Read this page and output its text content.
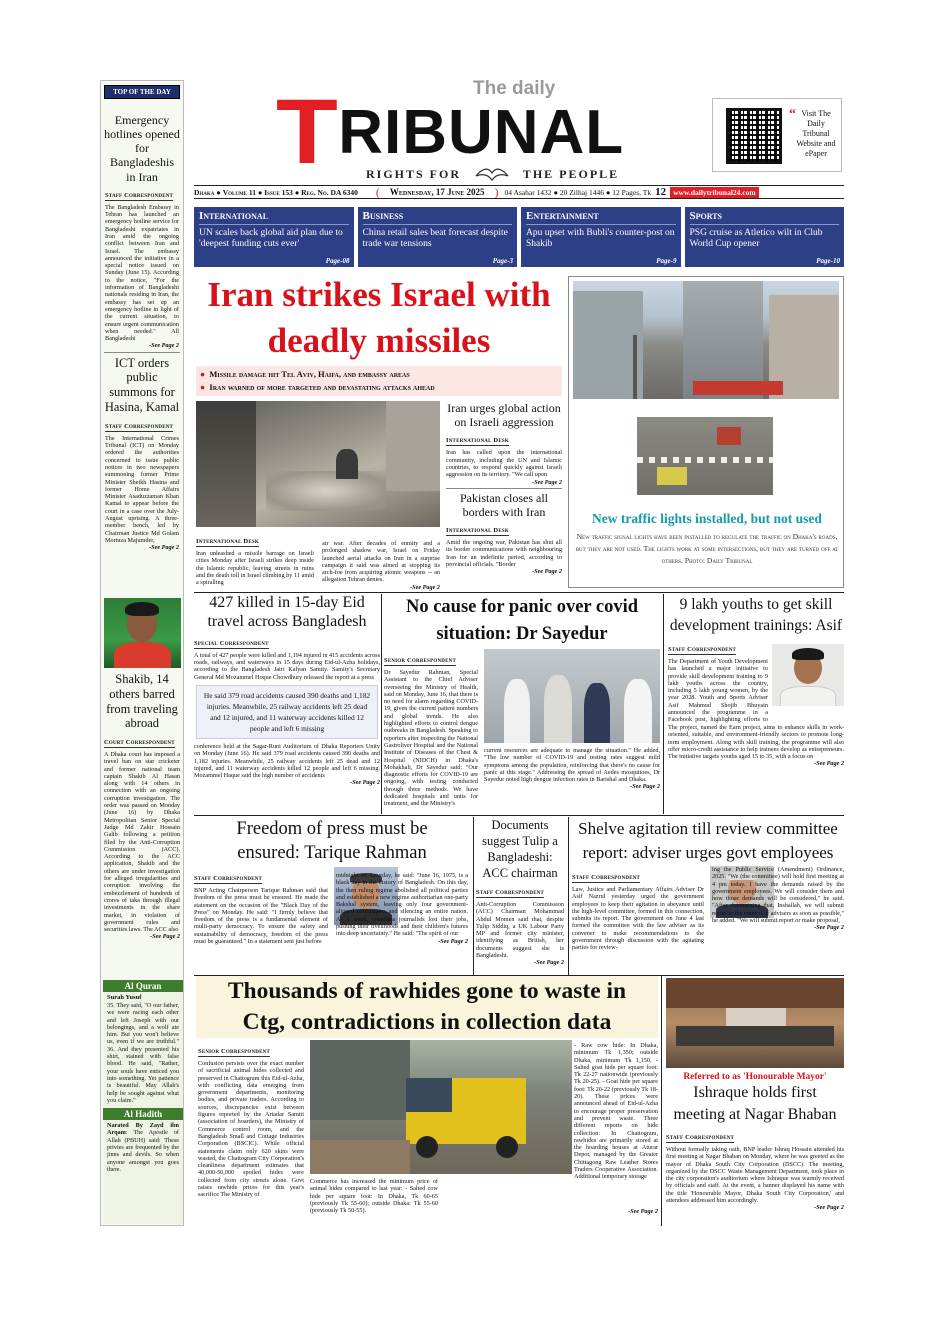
TOP OF THE DAY
Emergency hotlines opened for Bangladeshis in Iran
Staff Correspondent
The Bangladesh Embassy in Tehran has launched an emergency hotline service for Bangladeshi expatriates in Iran amid the ongoing conflict between Iran and Israel. The embassy announced the initiative in a special notice issued on Sunday (June 15). According to the notice, "For the information of Bangladeshi nationals residing in Iran, the embassy has set up an emergency hotline in light of the current situation, to ensure urgent communication when needed." All Bangladeshi
-See Page 2
ICT orders public summons for Hasina, Kamal
Staff Correspondent
The International Crimes Tribunal (ICT) on Monday ordered the authorities concerned to issue public notices in two newspapers summoning former Prime Minister Sheikh Hasina and former Home Affairs Minister Asaduzzaman Khan Kamal to appear before the court in a case over the July-August uprising. A three-member bench, led by Chairman Justice Md Golam Mortuza Majumder,
-See Page 2
Shakib, 14 others barred from traveling abroad
Court Correspondent
A Dhaka court has imposed a travel ban on star cricketer and former national team captain Shakib Al Hasan along with 14 others in connection with an ongoing corruption investigation. The order was passed on Monday (June 16) by Dhaka Metropolitan Senior Special Judge Md Zakir Hossain Galib following a petition filed by the Anti-Corruption Commission (ACC). According to the ACC application, Shakib and the others are under investigation for alleged irregularities and corruption involving the embezzlement of hundreds of crores of taka through illegal investments in the share market, in violation of government rules and securities laws. The ACC also
-See Page 2
Al Quran
Surah Yusuf
35. They said, "O our father, we were racing each other and left Joseph with our belongings, and a wolf ate him. But you won't believe us, even if we are truthful." 36. And they presented his shirt, stained with false blood. He said, "Rather, your souls have enticed you into something. Yet patience is beautiful. May Allah's help be sought against what you claim."
Al Hadith
Narated By Zayd ibn Arqam: The Apostle of Allah (PBUH) said: These privies are frequented by the jinns and devils. So when anyone amongst you goes there.
The daily
TRIBUNAL
RIGHTS FOR	THE PEOPLE
“ Visit The Daily Tribunal Website and ePaper
Dhaka ● Volume 11 ● Issue 153 ● Reg. No. DA 6340 ( Wednesday, 17 June 2025 ) 04 Asahar 1432 ● 20 Zilhaj 1446 ● 12 Pages, Tk 12 www.dailytribunal24.com
International
UN scales back global aid plan due to 'deepest funding cuts ever'
Page-08
Business
China retail sales beat forecast despite trade war tensions
Page-3
Entertainment
Apu upset with Bubli's counter-post on Shakib
Page-9
Sports
PSG cruise as Atletico wilt in Club World Cup opener
Page-10
Iran strikes Israel with
deadly missiles
● Missile damage hit Tel Aviv, Haifa, and embassy areas
● Iran warned of more targeted and devastating attacks ahead
International Desk
Iran unleashed a missile barrage on Israeli cities Monday after Israeli strikes deep inside the Islamic republic, leaving streets in ruins and the death toll in Israel climbing by 11 amid a spiralling
air war. After decades of enmity and a prolonged shadow war, Israel on Friday launched aerial attacks on Iran in a surprise campaign it said was aimed at stopping its arch-foe from acquiring atomic weapons -- an allegation Tehran denies.
-See Page 2
Iran urges global action on Israeli aggression
International Desk
Iran has called upon the international community, including the UN and Islamic countries, to respond quickly against Israeli aggression on its territory. "We call upon
-See Page 2
Pakistan closes all borders with Iran
International Desk
Amid the ongoing war, Pakistan has shut all its border communications with neighbouring Iran for an indefinite period, according to provincial officials. "Border
-See Page 2
New traffic lights installed, but not used
New traffic signal lights have been installed to regulate the traffic on Dhaka's roads, but they are not used. The lights work at some intersections, but they are turned off at others. Photo: Daily Tribunal
427 killed in 15-day Eid travel across Bangladesh
Special Correspondent
A total of 427 people were killed and 1,194 injured in 415 accidents across roads, railways, and waterways in 15 days during Eid-ul-Azha holidays, according to the Bangladesh Jatri Kalyan Samity. Samity's Secretary General Md Mozammel Hoque Chowdhury released the report at a press
He said 379 road accidents caused 390 deaths and 1,182 injuries. Meanwhile, 25 railway accidents left 25 dead and 12 injured, and 11 waterway accidents killed 12 people and left 6 missing
conference held at the Sagar-Runi Auditorium of Dhaka Reporters Unity on Monday (June 16). He said 379 road accidents caused 390 deaths and 1,182 injuries. Meanwhile, 25 railway accidents left 25 dead and 12 injured, and 11 waterway accidents killed 12 people and left 6 missing. Mozammel Haque said the high number of accidents
-See Page 2
No cause for panic over covid situation: Dr Sayedur
Senior Correspondent
Dr Sayedur Rahman, Special Assistant to the Chief Adviser overseeing the Ministry of Health, said on Monday, June 16, that there is no need for alarm regarding COVID-19, given the current patient numbers and global trends. He also highlighted efforts to control dengue outbreaks in Bangladesh. Speaking to reporters after inspecting the National Gastroliver Hospital and the National Institute of Diseases of the Chest & Hospital (NIDCH) in Dhaka's Mohakhali, Dr Sayedur said: "Our diagnostic efforts for COVID-19 are ongoing, with testing conducted through three methods. We have dedicated hospitals and units for treatment, and the Ministry's
current resources are adequate to manage the situation." He added, "The low number of COVID-19 and testing rates suggest mild symptoms among the population, reinforcing that there's no cause for panic at this stage." Addressing the spread of Aedes mosquitoes, Dr Sayedur noted high dengue infection rates in Barishal and Dhaka.
-See Page 2
9 lakh youths to get skill development trainings: Asif
Staff Correspondent
The Department of Youth Development has launched a major initiative to provide skill development training to 9 lakh youths across the country, including 5 lakh young women, by the year 2028. Youth and Sports Adviser Asif Mahmud Shojib Bhuyain announced the programme in a Facebook post, highlighting efforts to
The project, named the Earn project, aims to enhance skills in work-oriented, suitable, and environment-friendly sectors to promote long-term employment. Along with skill training, the programme will also offer micro-credit assistance to help trainees develop as entrepreneurs. The initiative targets youths aged 15 to 35, with a focus on
-See Page 2
Freedom of press must be ensured: Tarique Rahman
Staff Correspondent
BNP Acting Chairperson Tarique Rahman said that freedom of the press must be ensured. He made the statement on the occasion of the "Black Day of the Press" on Monday. He said: "I firmly believe that freedom of the press is a fundamental element of multi-party democracy. To ensure the safety and sustainability of democracy, freedom of the press must be guaranteed." In a statement sent just before
midnight on Saturday, he said: "June 16, 1975, is a black day in the history of Bangladesh. On this day, the then ruling regime abolished all political parties and established a new regime authoritarian one-party Bakshal system, leaving only four government-aligned newspapers and silencing an entire nation. As a result, countless journalists lost their jobs, pushing their livelihoods and their children's futures into deep uncertainty." He said: "The spirit of our
-See Page 2
Documents suggest Tulip a Bangladeshi: ACC chairman
Staff Correspondent
Anti-Corruption Commission (ACC) Chairman Mohammad Abdul Momen said that, despite Tulip Siddiq, a UK Labour Party MP and former city minister, identifying as British, her documents suggest she is Bangladeshi.
-See Page 2
Shelve agitation till review committee report: adviser urges govt employees
Staff Correspondent
Law, Justice and Parliamentary Affairs Adviser Dr Asif Nazrul yesterday urged the government employees to keep their agitation in abeyance until the high-level committee, formed in this connection, submits its report. The government on June 4 last formed the committee with the law adviser as its convener to make recommendations to the government through discussion with the agitating parties for review-
ing the Public Service (Amendment) Ordinance, 2025. "We (the committee) will hold first meeting at 4 pm today. I have the demands raised by the government employees. We will consider them and how those demands will be considered," he said. "After determining that, Inshallah, we will submit report to the council of advisers as soon as possible," he added. "We will submit report or make proposal,
-See Page 2
Thousands of rawhides gone to waste in
Ctg, contradictions in collection data
Senior Correspondent
Confusion persists over the exact number of sacrificial animal hides collected and preserved in Chattogram this Eid-ul-Azha, with conflicting data emerging from government departments, monitoring bodies, and private traders. According to sources, discrepancies exist between figures reported by the Artadar Samiti (association of hoarders), the Ministry of Commerce control room, and the Bangladesh Small and Cottage Industries Corporation (BSCIC). While official statements claim only 620 skins were wasted, the Chattogram City Corporation's cleanliness department estimates that 40,000-50,000 spoiled hides were collected from city streets alone. Govt raises rawhide prices for this year's sacrifice The Ministry of
Commerce has increased the minimum price of animal hides compared to last year: - Salted cow hide per square foot: In Dhaka, Tk 60-65 (previously Tk 55-60); outside Dhaka: Tk 55-60 (previously Tk 50-55).
- Raw cow hide: In Dhaka, minimum Tk 1,350; outside Dhaka, minimum Tk 1,150. - Salted goat hide per square foot: Tk 22-27 nationwide (previously Tk 20-25). - Goat hide per square foot: Tk 20-22 (previously Tk 18-20). These prices were announced ahead of Eid-ul-Azha to encourage proper preservation and prevent waste. Three different reports on hide collection: In Chattogram, rawhides are primarily stored at the hoarding houses at Aturar Depot, managed by the Greater Chittagong Raw Leather Stores Traders Cooperative Association. Additional temporary storage
-See Page 2
Referred to as 'Honourable Mayor'
Ishraque holds first meeting at Nagar Bhaban
Staff Correspondent
Without formally taking oath, BNP leader Ishraq Hossain attended his first meeting at Nagar Bhaban on Monday, where he was greeted as the mayor of Dhaka South City Corporation (DSCC). The meeting, organized by the DSCC Waste Management Department, took place in the city corporation's auditorium where Ishraque was warmly received by officials and staff. At the event, a banner displayed his name with the title 'Honourable Mayor, Dhaka South City Corporation,' and attendees addressed him accordingly.
-See Page 2
